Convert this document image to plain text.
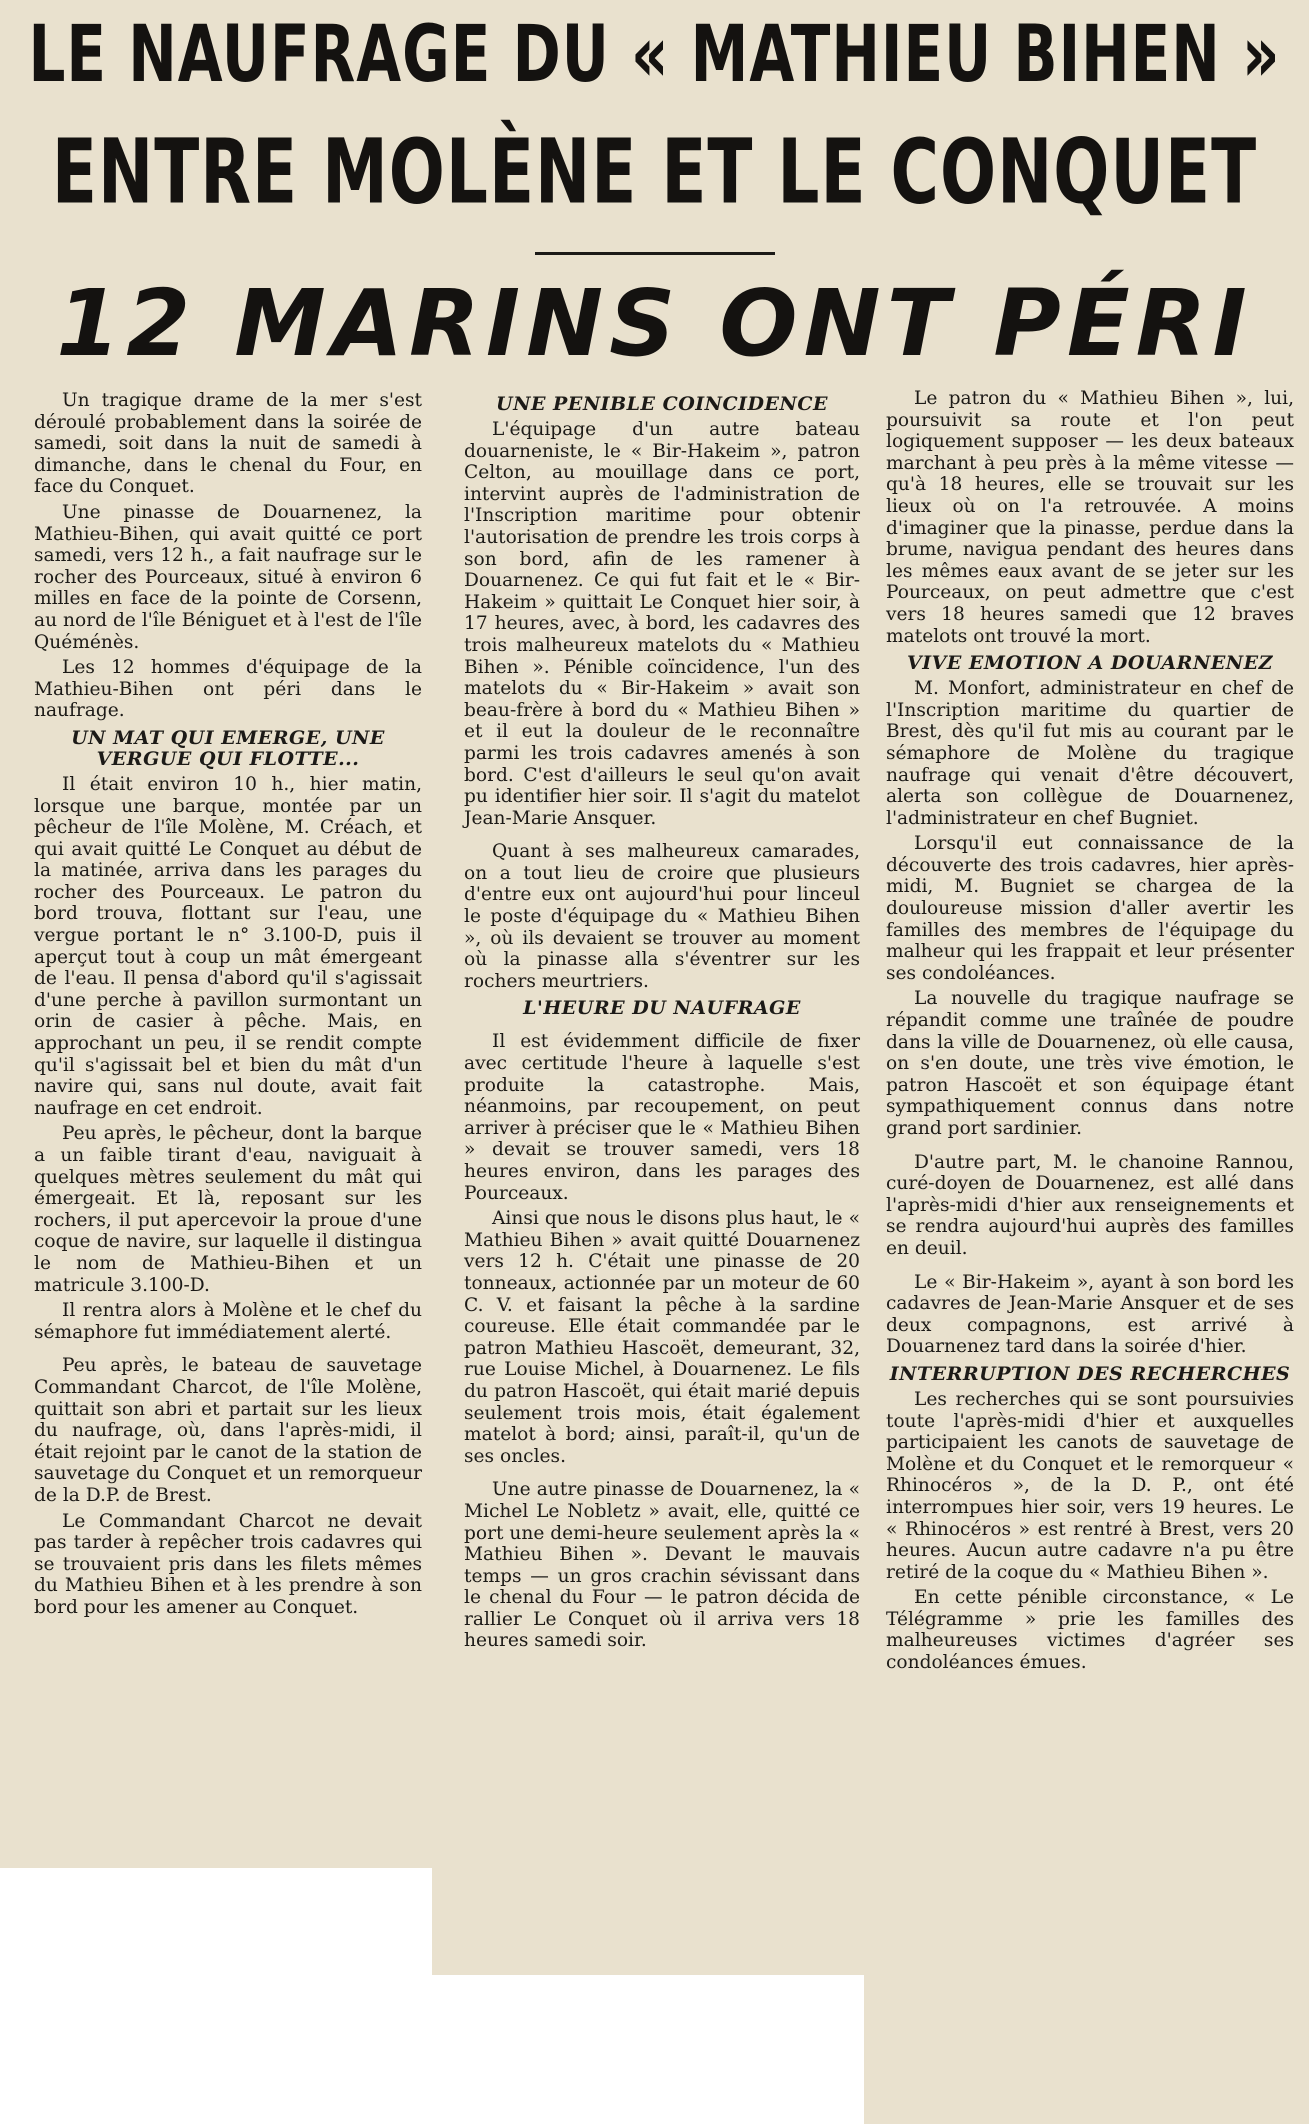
LE NAUFRAGE DU « MATHIEU BIHEN »
ENTRE MOLÈNE ET LE CONQUET
12 MARINS ONT PÉRI

Un tragique drame de la mer s'est déroulé probablement dans la soirée de samedi, soit dans la nuit de samedi à dimanche, dans le chenal du Four, en face du Conquet.

Une pinasse de Douarnenez, la Mathieu-Bihen, qui avait quitté ce port samedi, vers 12 h., a fait naufrage sur le rocher des Pourceaux, situé à environ 6 milles en face de la pointe de Corsenn, au nord de l'île Béniguet et à l'est de l'île Quéménès.

Les 12 hommes d'équipage de la Mathieu-Bihen ont péri dans le naufrage.

UN MAT QUI EMERGE, UNE VERGUE QUI FLOTTE...

Il était environ 10 h., hier matin, lorsque une barque, montée par un pêcheur de l'île Molène, M. Créach, et qui avait quitté Le Conquet au début de la matinée, arriva dans les parages du rocher des Pourceaux. Le patron du bord trouva, flottant sur l'eau, une vergue portant le n° 3.100-D, puis il aperçut tout à coup un mât émergeant de l'eau. Il pensa d'abord qu'il s'agissait d'une perche à pavillon surmontant un orin de casier à pêche. Mais, en approchant un peu, il se rendit compte qu'il s'agissait bel et bien du mât d'un navire qui, sans nul doute, avait fait naufrage en cet endroit.

Peu après, le pêcheur, dont la barque a un faible tirant d'eau, naviguait à quelques mètres seulement du mât qui émergeait. Et là, reposant sur les rochers, il put apercevoir la proue d'une coque de navire, sur laquelle il distingua le nom de Mathieu-Bihen et un matricule 3.100-D.

Il rentra alors à Molène et le chef du sémaphore fut immédiatement alerté.

Peu après, le bateau de sauvetage Commandant Charcot, de l'île Molène, quittait son abri et partait sur les lieux du naufrage, où, dans l'après-midi, il était rejoint par le canot de la station de sauvetage du Conquet et un remorqueur de la D.P. de Brest.

Le Commandant Charcot ne devait pas tarder à repêcher trois cadavres qui se trouvaient pris dans les filets mêmes du Mathieu Bihen et à les prendre à son bord pour les amener au Conquet.

UNE PENIBLE COINCIDENCE

L'équipage d'un autre bateau douarneniste, le « Bir-Hakeim », patron Celton, au mouillage dans ce port, intervint auprès de l'administration de l'Inscription maritime pour obtenir l'autorisation de prendre les trois corps à son bord, afin de les ramener à Douarnenez. Ce qui fut fait et le « Bir-Hakeim » quittait Le Conquet hier soir, à 17 heures, avec, à bord, les cadavres des trois malheureux matelots du « Mathieu Bihen ». Pénible coïncidence, l'un des matelots du « Bir-Hakeim » avait son beau-frère à bord du « Mathieu Bihen » et il eut la douleur de le reconnaître parmi les trois cadavres amenés à son bord. C'est d'ailleurs le seul qu'on avait pu identifier hier soir. Il s'agit du matelot Jean-Marie Ansquer.

Quant à ses malheureux camarades, on a tout lieu de croire que plusieurs d'entre eux ont aujourd'hui pour linceul le poste d'équipage du « Mathieu Bihen », où ils devaient se trouver au moment où la pinasse alla s'éventrer sur les rochers meurtriers.

L'HEURE DU NAUFRAGE

Il est évidemment difficile de fixer avec certitude l'heure à laquelle s'est produite la catastrophe. Mais, néanmoins, par recoupement, on peut arriver à préciser que le « Mathieu Bihen » devait se trouver samedi, vers 18 heures environ, dans les parages des Pourceaux.

Ainsi que nous le disons plus haut, le « Mathieu Bihen » avait quitté Douarnenez vers 12 h. C'était une pinasse de 20 tonneaux, actionnée par un moteur de 60 C. V. et faisant la pêche à la sardine coureuse. Elle était commandée par le patron Mathieu Hascoët, demeurant, 32, rue Louise Michel, à Douarnenez. Le fils du patron Hascoët, qui était marié depuis seulement trois mois, était également matelot à bord; ainsi, paraît-il, qu'un de ses oncles.

Une autre pinasse de Douarnenez, la « Michel Le Nobletz » avait, elle, quitté ce port une demi-heure seulement après la « Mathieu Bihen ». Devant le mauvais temps — un gros crachin sévissant dans le chenal du Four — le patron décida de rallier Le Conquet où il arriva vers 18 heures samedi soir.

Le patron du « Mathieu Bihen », lui, poursuivit sa route et l'on peut logiquement supposer — les deux bateaux marchant à peu près à la même vitesse — qu'à 18 heures, elle se trouvait sur les lieux où on l'a retrouvée. A moins d'imaginer que la pinasse, perdue dans la brume, navigua pendant des heures dans les mêmes eaux avant de se jeter sur les Pourceaux, on peut admettre que c'est vers 18 heures samedi que 12 braves matelots ont trouvé la mort.

VIVE EMOTION A DOUARNENEZ

M. Monfort, administrateur en chef de l'Inscription maritime du quartier de Brest, dès qu'il fut mis au courant par le sémaphore de Molène du tragique naufrage qui venait d'être découvert, alerta son collègue de Douarnenez, l'administrateur en chef Bugniet.

Lorsqu'il eut connaissance de la découverte des trois cadavres, hier après-midi, M. Bugniet se chargea de la douloureuse mission d'aller avertir les familles des membres de l'équipage du malheur qui les frappait et leur présenter ses condoléances.

La nouvelle du tragique naufrage se répandit comme une traînée de poudre dans la ville de Douarnenez, où elle causa, on s'en doute, une très vive émotion, le patron Hascoët et son équipage étant sympathiquement connus dans notre grand port sardinier.

D'autre part, M. le chanoine Rannou, curé-doyen de Douarnenez, est allé dans l'après-midi d'hier aux renseignements et se rendra aujourd'hui auprès des familles en deuil.

Le « Bir-Hakeim », ayant à son bord les cadavres de Jean-Marie Ansquer et de ses deux compagnons, est arrivé à Douarnenez tard dans la soirée d'hier.

INTERRUPTION DES RECHERCHES

Les recherches qui se sont poursuivies toute l'après-midi d'hier et auxquelles participaient les canots de sauvetage de Molène et du Conquet et le remorqueur « Rhinocéros », de la D. P., ont été interrompues hier soir, vers 19 heures. Le « Rhinocéros » est rentré à Brest, vers 20 heures. Aucun autre cadavre n'a pu être retiré de la coque du « Mathieu Bihen ».

En cette pénible circonstance, « Le Télégramme » prie les familles des malheureuses victimes d'agréer ses condoléances émues.
